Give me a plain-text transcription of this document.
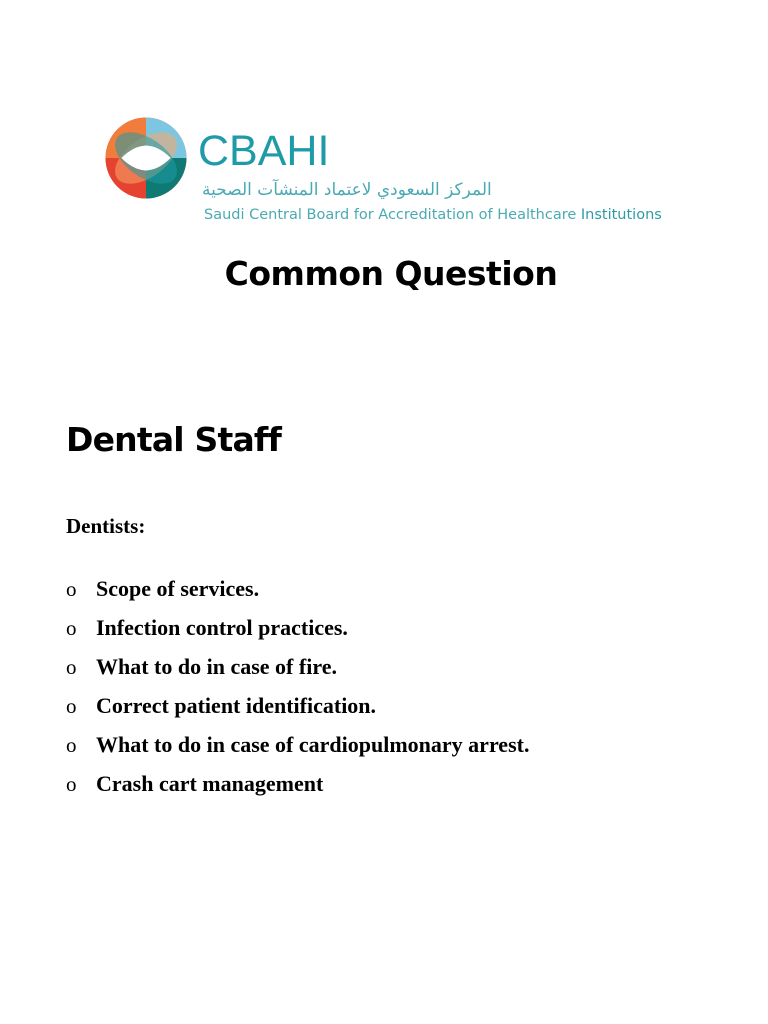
CBAHI
المركز السعودي لاعتماد المنشآت الصحية
Saudi Central Board for Accreditation of Healthcare Institutions
Common Question
Dental Staff
Dentists:
o Scope of services.
o Infection control practices.
o What to do in case of fire.
o Correct patient identification.
o What to do in case of cardiopulmonary arrest.
o Crash cart management
